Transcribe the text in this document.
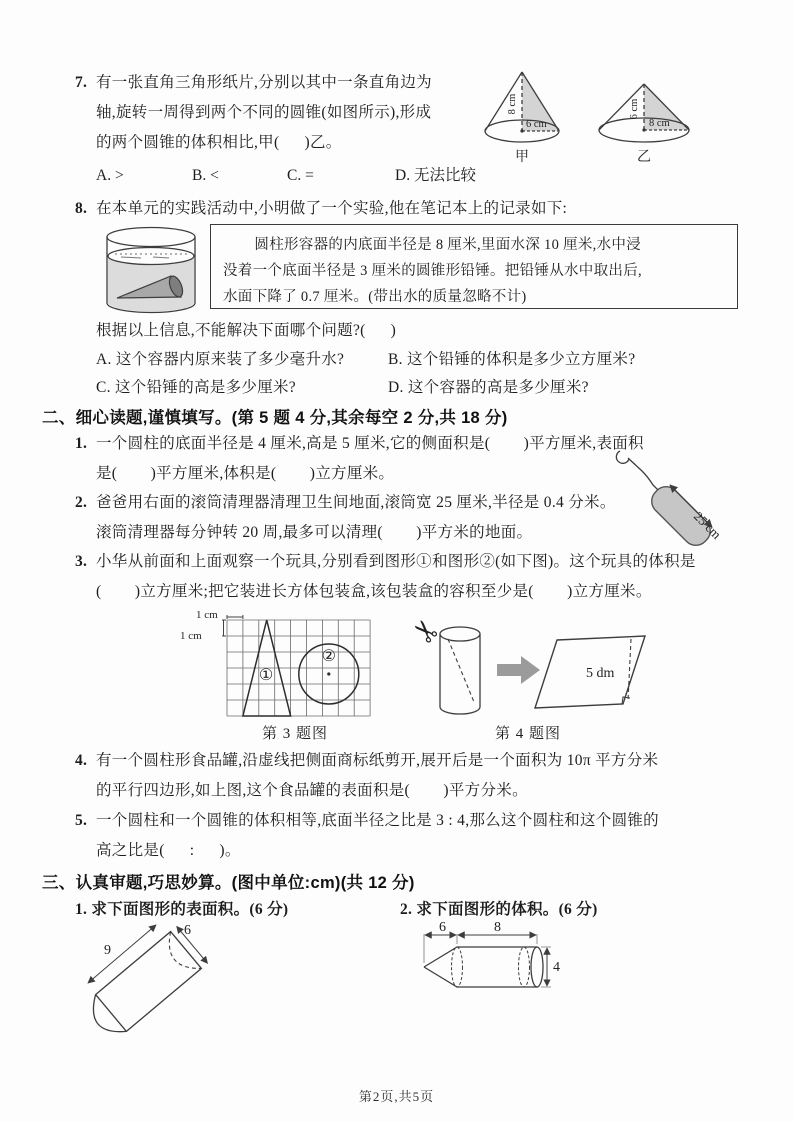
7. 有一张直角三角形纸片,分别以其中一条直角边为
轴,旋转一周得到两个不同的圆锥(如图所示),形成
的两个圆锥的体积相比,甲(      )乙。
A. >	B. <	C. =	D. 无法比较
8 cm
6 cm
甲
6 cm
8 cm
乙
8. 在本单元的实践活动中,小明做了一个实验,他在笔记本上的记录如下:
圆柱形容器的内底面半径是 8 厘米,里面水深 10 厘米,水中浸
没着一个底面半径是 3 厘米的圆锥形铅锤。把铅锤从水中取出后,
水面下降了 0.7 厘米。(带出水的质量忽略不计)
根据以上信息,不能解决下面哪个问题?(      )
A. 这个容器内原来装了多少毫升水?	B. 这个铅锤的体积是多少立方厘米?
C. 这个铅锤的高是多少厘米?	D. 这个容器的高是多少厘米?
二、细心读题,谨慎填写。(第 5 题 4 分,其余每空 2 分,共 18 分)
1. 一个圆柱的底面半径是 4 厘米,高是 5 厘米,它的侧面积是(        )平方厘米,表面积
是(        )平方厘米,体积是(        )立方厘米。
2. 爸爸用右面的滚筒清理器清理卫生间地面,滚筒宽 25 厘米,半径是 0.4 分米。
滚筒清理器每分钟转 20 周,最多可以清理(        )平方米的地面。	25 cm
3. 小华从前面和上面观察一个玩具,分别看到图形①和图形②(如下图)。这个玩具的体积是
(        )立方厘米;把它装进长方体包装盒,该包装盒的容积至少是(        )立方厘米。
1 cm
1 cm
①
②
第 3 题图
✂
5 dm
第 4 题图
4. 有一个圆柱形食品罐,沿虚线把侧面商标纸剪开,展开后是一个面积为 10π 平方分米
的平行四边形,如上图,这个食品罐的表面积是(        )平方分米。
5. 一个圆柱和一个圆锥的体积相等,底面半径之比是 3 : 4,那么这个圆柱和这个圆锥的
高之比是(      :      )。
三、认真审题,巧思妙算。(图中单位:cm)(共 12 分)
1. 求下面图形的表面积。(6 分)	2. 求下面图形的体积。(6 分)
6
9
6	8
4
第2页,共5页
